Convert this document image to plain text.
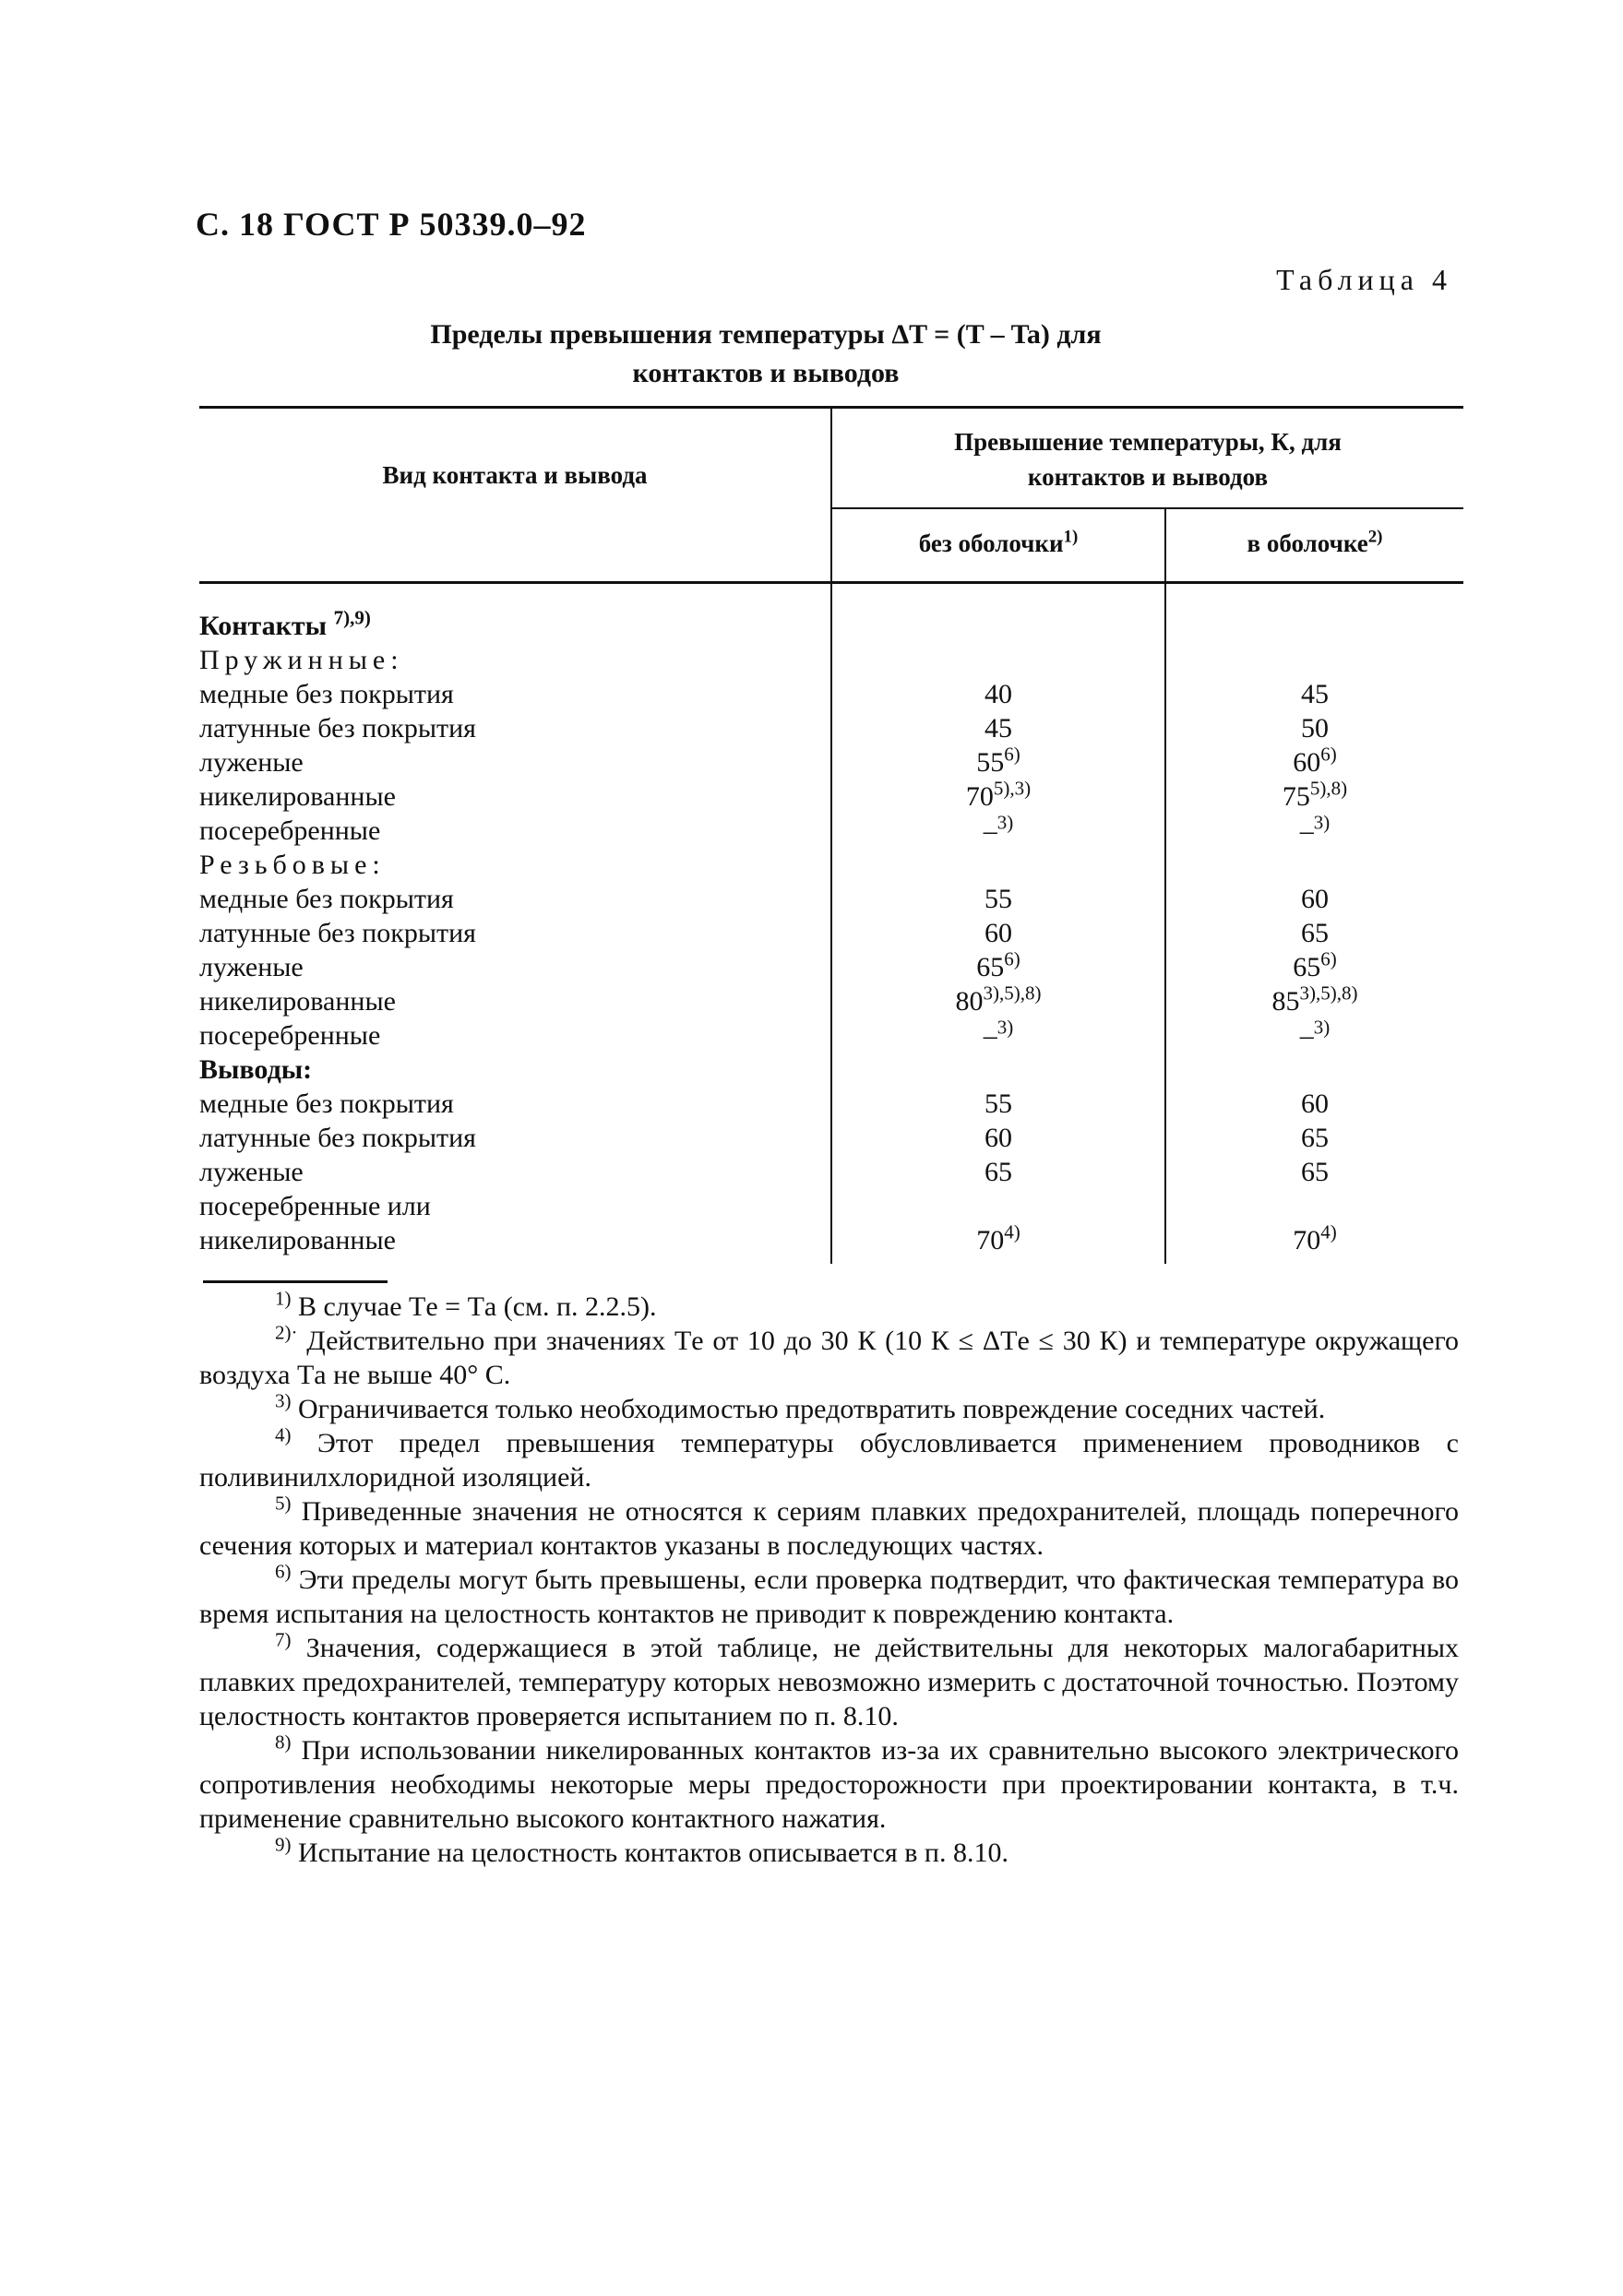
С. 18 ГОСТ Р 50339.0–92
Таблица 4
Пределы превышения температуры ΔT = (T – Ta) для
контактов и выводов
Вид контакта и вывода
Превышение температуры, К, для
контактов и выводов
без оболочки$^{1)}$	в оболочке$^{2)}$
Контакты $^{7),9)}$
Пружинные:
медные без покрытия
латунные без покрытия
луженые
никелированные
посеребренные
Резьбовые:
медные без покрытия
латунные без покрытия
луженые
никелированные
посеребренные
Выводы:
медные без покрытия
латунные без покрытия
луженые
посеребренные или
никелированные
40
45
55$^{6)}$
$70^{5),3)}$
–$^{3)}$
55
60
65$^{6)}$
$80^{3),5),8)}$
–$^{3)}$
55
60
65
70$^{4)}$
45
50
60$^{6)}$
$75^{5),8)}$
–$^{3)}$
60
65
65$^{6)}$
$85^{3),5),8)}$
–$^{3)}$
60
65
65
70$^{4)}$
$^{1)}$ В случае Tе = Tа (см. п. 2.2.5).
$^{2)\cdot}$ Действительно при значениях Tе от 10 до 30 К (10 К ≤ ΔTе ≤ 30 К) и температуре окружащего воздуха Tа не выше 40° С.
$^{3)}$ Ограничивается только необходимостью предотвратить повреждение соседних частей.
$^{4)}$ Этот предел превышения температуры обусловливается применением проводников с поливинилхлоридной изоляцией.
$^{5)}$ Приведенные значения не относятся к сериям плавких предохранителей, площадь поперечного сечения которых и материал контактов указаны в последующих частях.
$^{6)}$ Эти пределы могут быть превышены, если проверка подтвердит, что фактическая температура во время испытания на целостность контактов не приводит к повреждению контакта.
$^{7)}$ Значения, содержащиеся в этой таблице, не действительны для некоторых малогабаритных плавких предохранителей, температуру которых невозможно измерить с достаточной точностью. Поэтому целостность контактов проверяется испытанием по п. 8.10.
$^{8)}$ При использовании никелированных контактов из-за их сравнительно высокого электрического сопротивления необходимы некоторые меры предосторожности при проектировании контакта, в т.ч. применение сравнительно высокого контактного нажатия.
$^{9)}$ Испытание на целостность контактов описывается в п. 8.10.
